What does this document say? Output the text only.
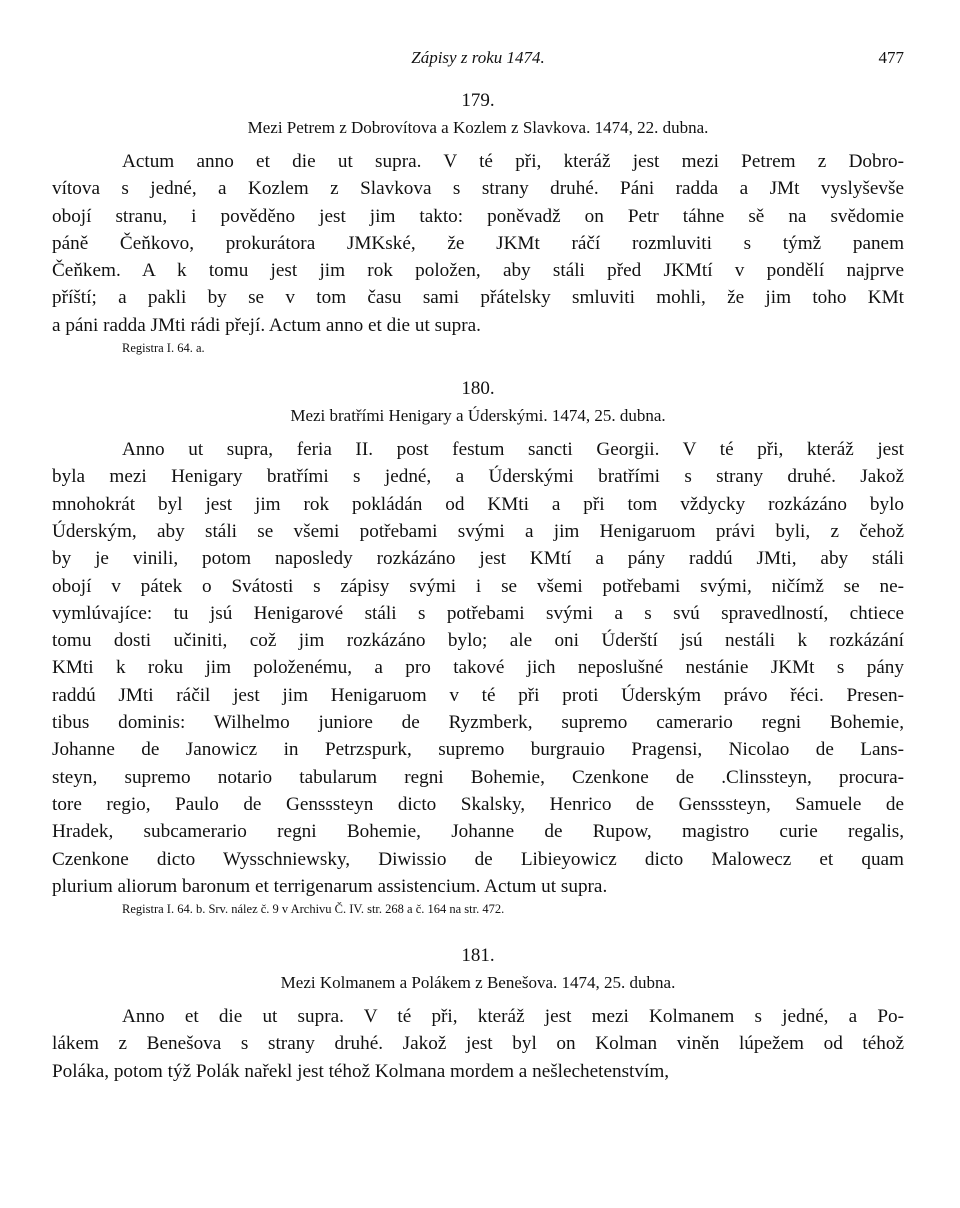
Zápisy z roku 1474.	477
179.
Mezi Petrem z Dobrovítova a Kozlem z Slavkova. 1474, 22. dubna.
Actum anno et die ut supra. V té při, kteráž jest mezi Petrem z Dobro-
vítova s jedné, a Kozlem z Slavkova s strany druhé. Páni radda a JMt vyslyševše
obojí stranu, i pověděno jest jim takto: poněvadž on Petr táhne sě na svědomie
páně Čeňkovo, prokurátora JMKské, že JKMt ráčí rozmluviti s týmž panem
Čeňkem. A k tomu jest jim rok položen, aby stáli před JKMtí v pondělí najprve
příští; a pakli by se v tom času sami přátelsky smluviti mohli, že jim toho KMt
a páni radda JMti rádi přejí. Actum anno et die ut supra.
Registra I. 64. a.
180.
Mezi bratřími Henigary a Úderskými. 1474, 25. dubna.
Anno ut supra, feria II. post festum sancti Georgii. V té při, kteráž jest
byla mezi Henigary bratřími s jedné, a Úderskými bratřími s strany druhé. Jakož
mnohokrát byl jest jim rok pokládán od KMti a při tom vždycky rozkázáno bylo
Úderským, aby stáli se všemi potřebami svými a jim Henigaruom právi byli, z čehož
by je vinili, potom naposledy rozkázáno jest KMtí a pány raddú JMti, aby stáli
obojí v pátek o Svátosti s zápisy svými i se všemi potřebami svými, ničímž se ne-
vymlúvajíce: tu jsú Henigarové stáli s potřebami svými a s svú spravedlností, chtiece
tomu dosti učiniti, což jim rozkázáno bylo; ale oni Úderští jsú nestáli k rozkázání
KMti k roku jim položenému, a pro takové jich neposlušné nestánie JKMt s pány
raddú JMti ráčil jest jim Henigaruom v té při proti Úderským právo řéci. Presen-
tibus dominis: Wilhelmo juniore de Ryzmberk, supremo camerario regni Bohemie,
Johanne de Janowicz in Petrzspurk, supremo burgrauio Pragensi, Nicolao de Lans-
steyn, supremo notario tabularum regni Bohemie, Czenkone de .Clinssteyn, procura-
tore regio, Paulo de Gensssteyn dicto Skalsky, Henrico de Gensssteyn, Samuele de
Hradek, subcamerario regni Bohemie, Johanne de Rupow, magistro curie regalis,
Czenkone dicto Wysschniewsky, Diwissio de Libieyowicz dicto Malowecz et quam
plurium aliorum baronum et terrigenarum assistencium. Actum ut supra.
Registra I. 64. b. Srv. nález č. 9 v Archivu Č. IV. str. 268 a č. 164 na str. 472.
181.
Mezi Kolmanem a Polákem z Benešova. 1474, 25. dubna.
Anno et die ut supra. V té při, kteráž jest mezi Kolmanem s jedné, a Po-
lákem z Benešova s strany druhé. Jakož jest byl on Kolman viněn lúpežem od téhož
Poláka, potom týž Polák nařekl jest téhož Kolmana mordem a nešlechetenstvím,
